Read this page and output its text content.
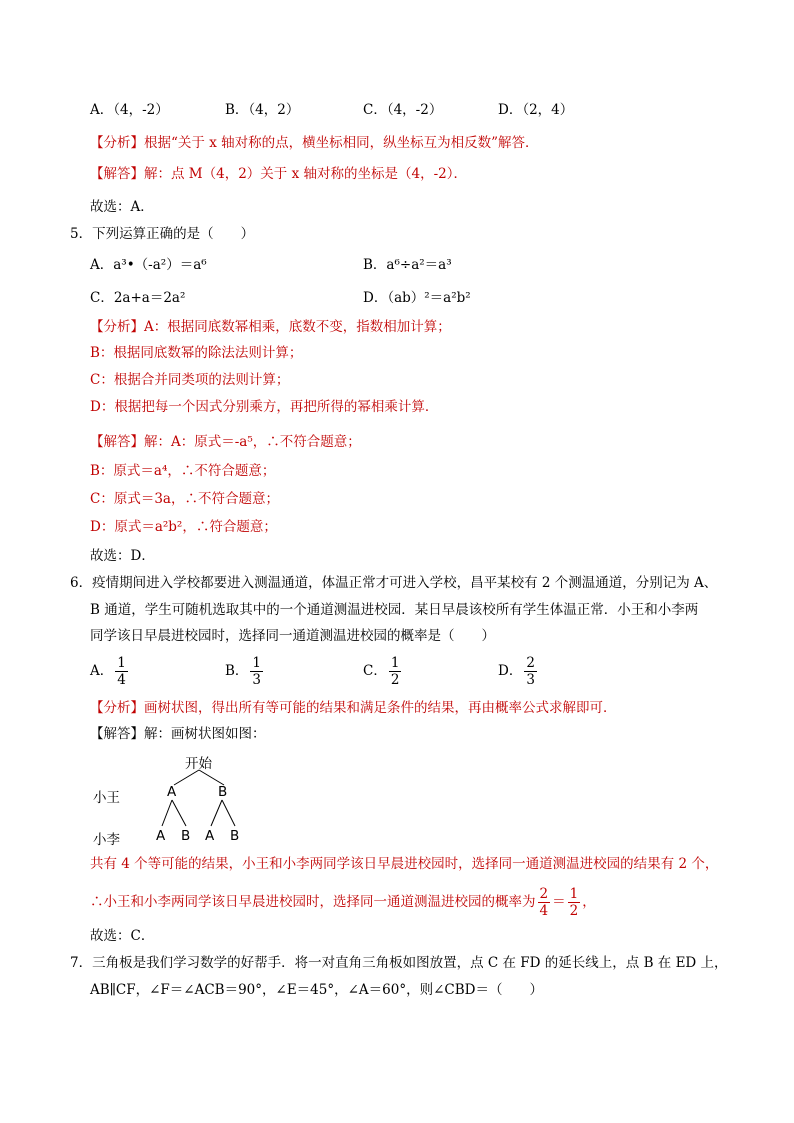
A．（4，-2）	B．（4，2）	C．（4，-2）	D．（2，4）
【分析】根据“关于 x 轴对称的点，横坐标相同，纵坐标互为相反数”解答．
【解答】解：点 M（4，2）关于 x 轴对称的坐标是（4，-2）．
故选：A．
5．下列运算正确的是（　　）
A．a³•（-a²）＝a⁶	B．a⁶÷a²＝a³
C．2a+a＝2a²	D．（ab）²＝a²b²
【分析】A：根据同底数幂相乘，底数不变，指数相加计算；
B：根据同底数幂的除法法则计算；
C：根据合并同类项的法则计算；
D：根据把每一个因式分别乘方，再把所得的幂相乘计算．
【解答】解：A：原式＝-a⁵，∴不符合题意；
B：原式＝a⁴，∴不符合题意；
C：原式＝3a，∴不符合题意；
D：原式＝a²b²，∴符合题意；
故选：D．
6．疫情期间进入学校都要进入测温通道，体温正常才可进入学校，昌平某校有 2 个测温通道，分别记为 A、
B 通道，学生可随机选取其中的一个通道测温进校园．某日早晨该校所有学生体温正常．小王和小李两
同学该日早晨进校园时，选择同一通道测温进校园的概率是（　　）
A． $\frac{1}{4}$	B． $\frac{1}{3}$	C． $\frac{1}{2}$	D． $\frac{2}{3}$
【分析】画树状图，得出所有等可能的结果和满足条件的结果，再由概率公式求解即可．
【解答】解：画树状图如图：
开始
小王
小李
A	B
A B A B
共有 4 个等可能的结果，小王和小李两同学该日早晨进校园时，选择同一通道测温进校园的结果有 2 个，
∴小王和小李两同学该日早晨进校园时，选择同一通道测温进校园的概率为 $\frac{2}{4} = \frac{1}{2}$ ，
故选：C．
7．三角板是我们学习数学的好帮手．将一对直角三角板如图放置，点 C 在 FD 的延长线上，点 B 在 ED 上，
AB∥CF，∠F＝∠ACB＝90°，∠E＝45°，∠A＝60°，则∠CBD＝（　　）
